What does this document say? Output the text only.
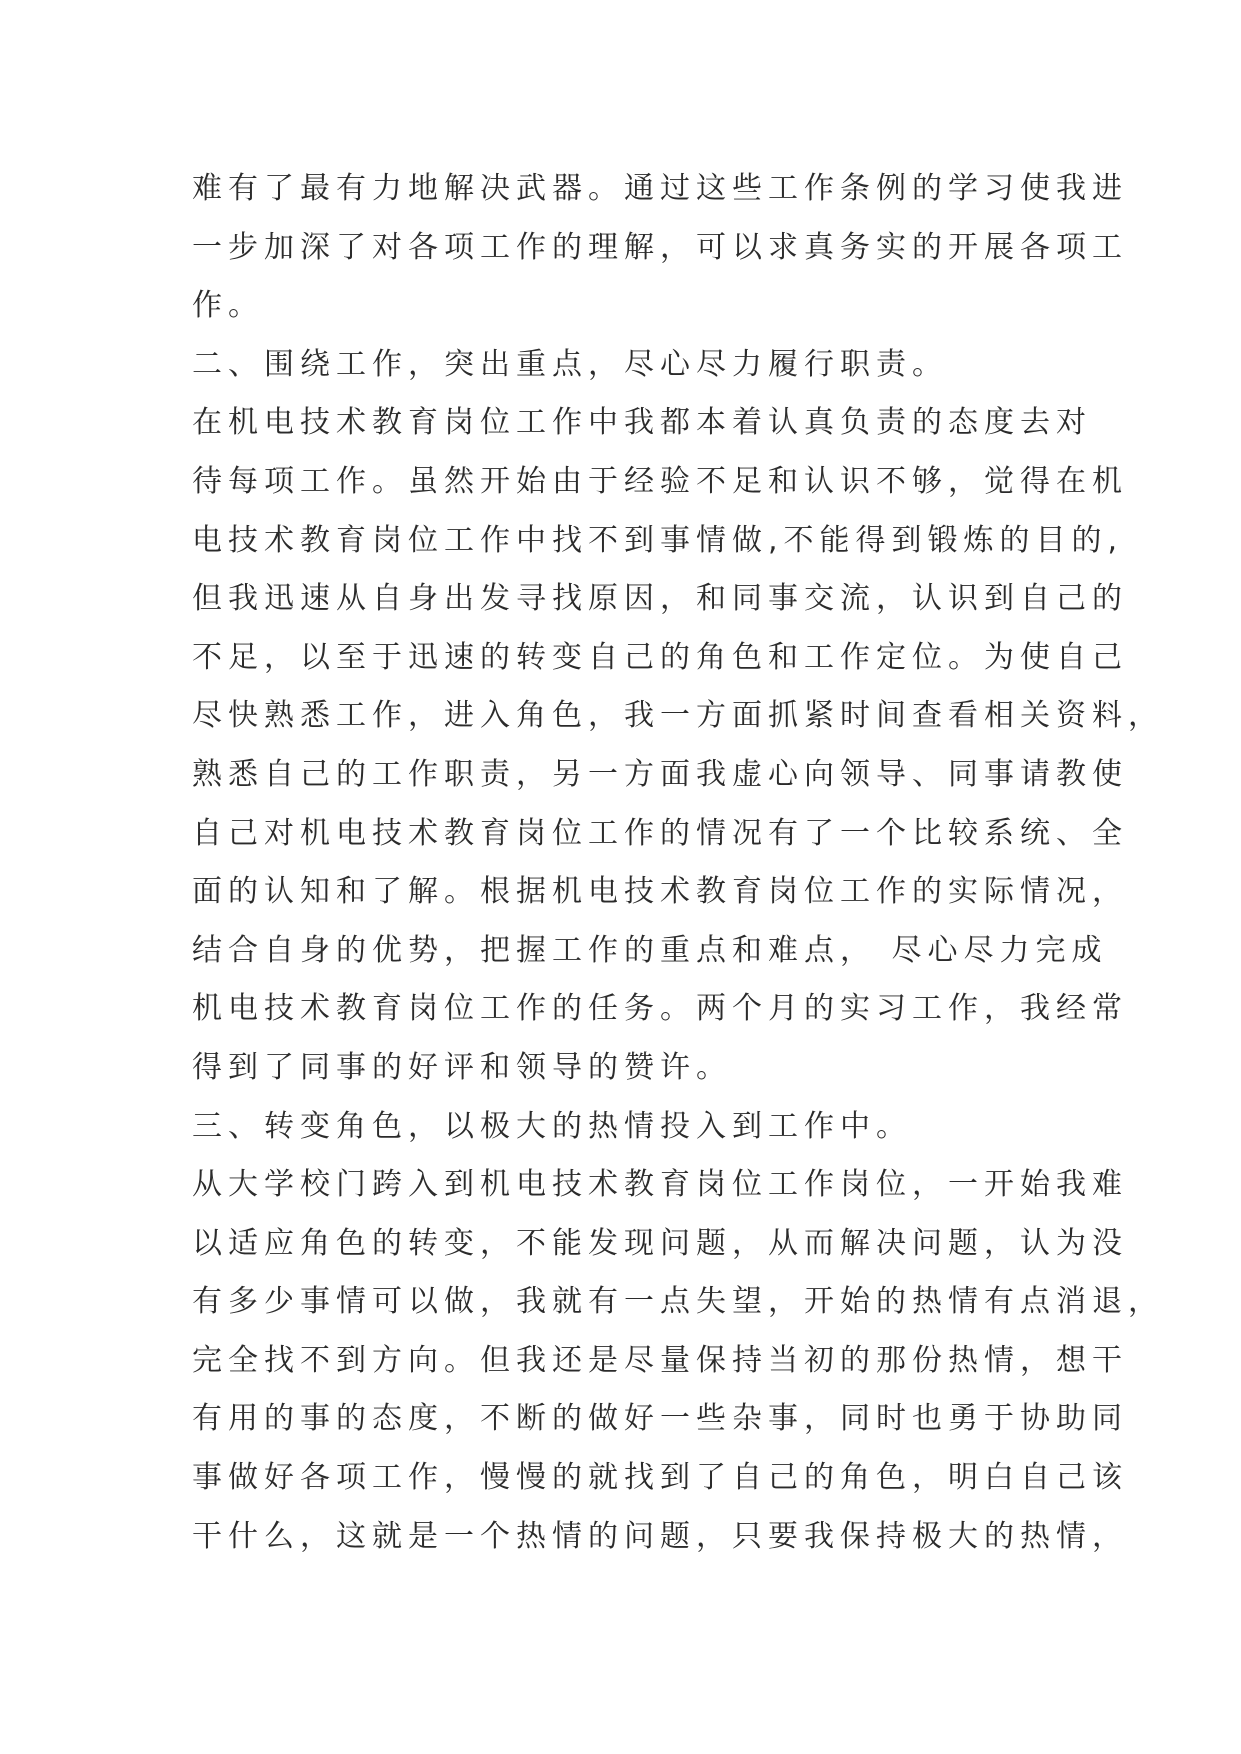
难有了最有力地解决武器。通过这些工作条例的学习使我进
一步加深了对各项工作的理解，可以求真务实的开展各项工
作。
二、围绕工作，突出重点，尽心尽力履行职责。
在机电技术教育岗位工作中我都本着认真负责的态度去对
待每项工作。虽然开始由于经验不足和认识不够，觉得在机
电技术教育岗位工作中找不到事情做,不能得到锻炼的目的,
但我迅速从自身出发寻找原因，和同事交流，认识到自己的
不足，以至于迅速的转变自己的角色和工作定位。为使自己
尽快熟悉工作，进入角色，我一方面抓紧时间查看相关资料，
熟悉自己的工作职责，另一方面我虚心向领导、同事请教使
自己对机电技术教育岗位工作的情况有了一个比较系统、全
面的认知和了解。根据机电技术教育岗位工作的实际情况，
结合自身的优势，把握工作的重点和难点， 尽心尽力完成
机电技术教育岗位工作的任务。两个月的实习工作，我经常
得到了同事的好评和领导的赞许。
三、转变角色，以极大的热情投入到工作中。
从大学校门跨入到机电技术教育岗位工作岗位，一开始我难
以适应角色的转变，不能发现问题，从而解决问题，认为没
有多少事情可以做，我就有一点失望，开始的热情有点消退，
完全找不到方向。但我还是尽量保持当初的那份热情，想干
有用的事的态度，不断的做好一些杂事，同时也勇于协助同
事做好各项工作，慢慢的就找到了自己的角色，明白自己该
干什么，这就是一个热情的问题，只要我保持极大的热情，
